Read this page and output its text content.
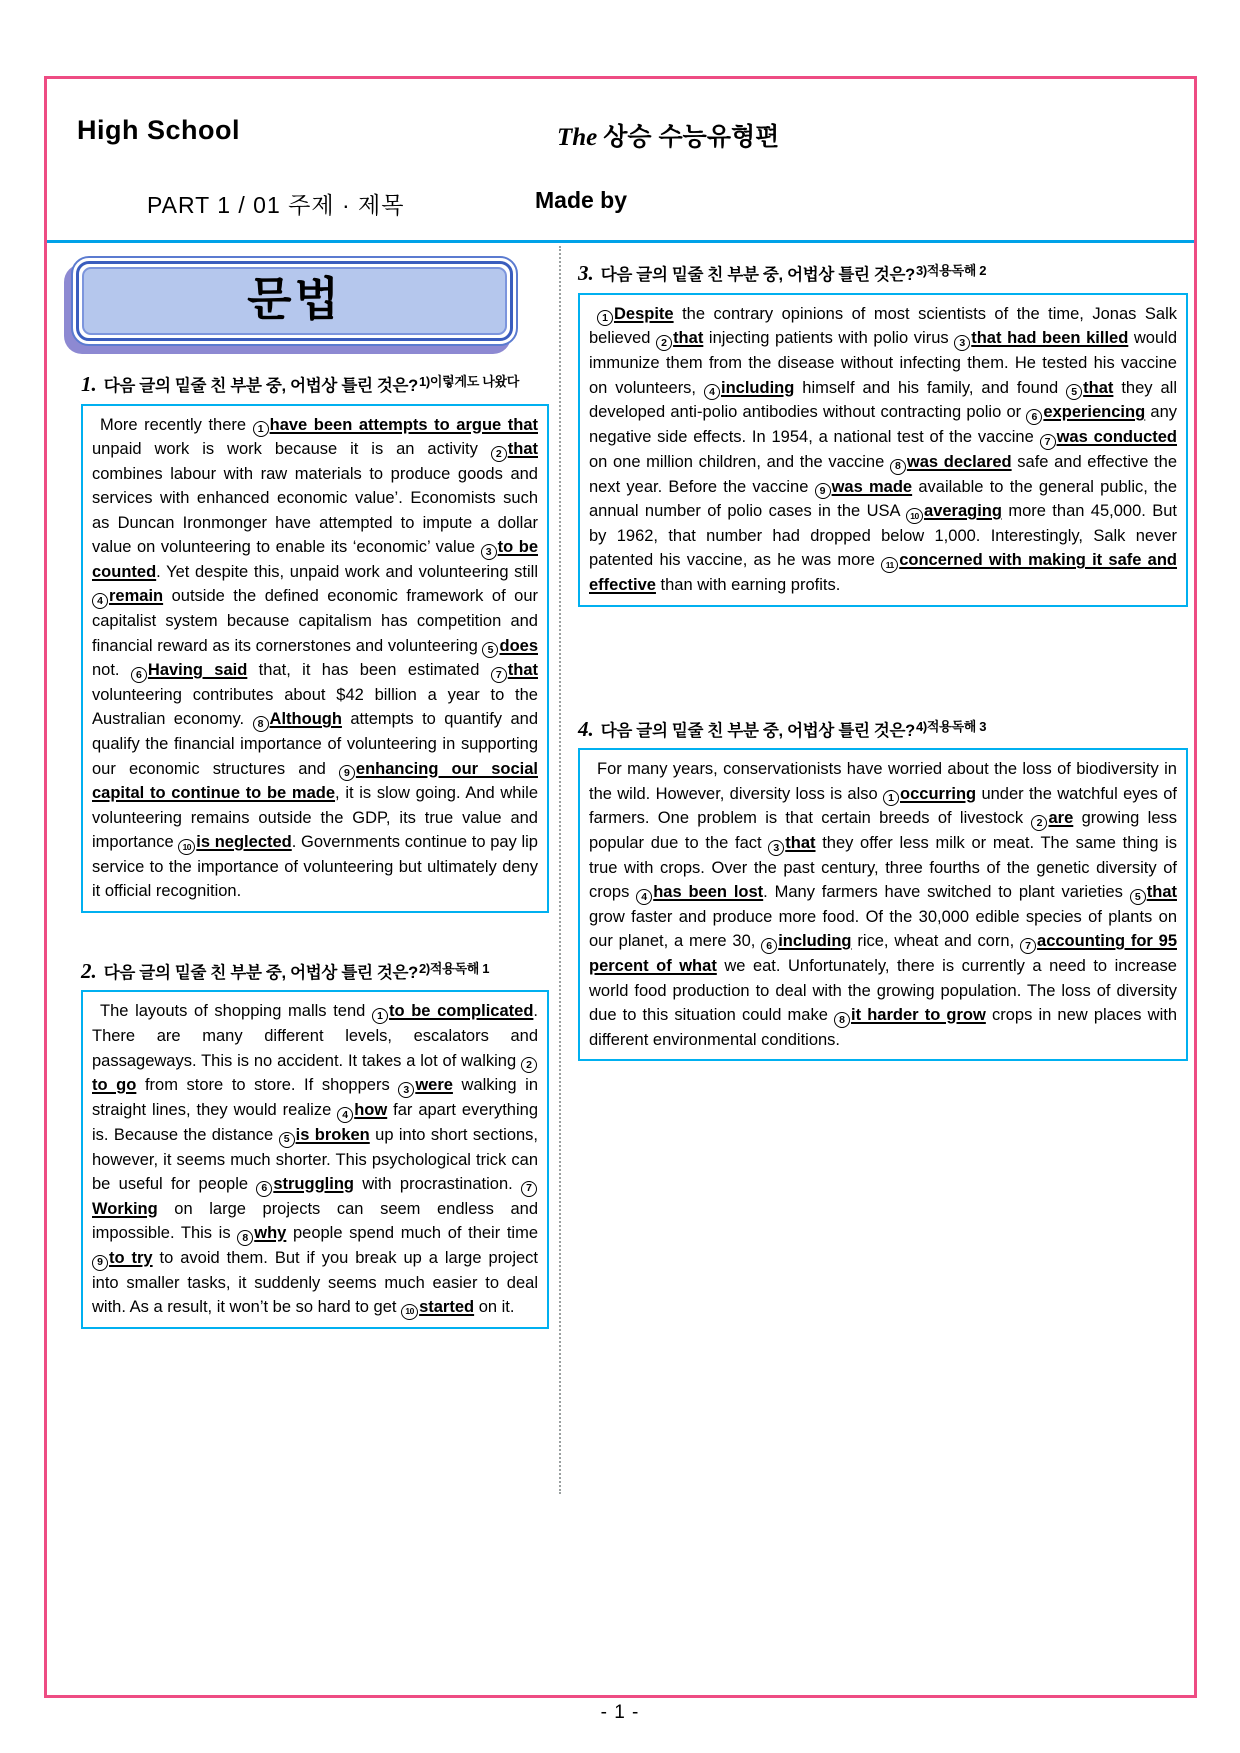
High School	The 상승 수능유형편
PART 1 / 01 주제 · 제목	Made by
문법
1. 다음 글의 밑줄 친 부분 중, 어법상 틀린 것은?1)이렇게도 나왔다
More recently there 1 have been attempts to argue that unpaid work is work because it is an activity 2 that combines labour with raw materials to produce goods and services with enhanced economic value’. Economists such as Duncan Ironmonger have attempted to impute a dollar value on volunteering to enable its ‘economic’ value 3 to be counted. Yet despite this, unpaid work and volunteering still 4 remain outside the defined economic framework of our capitalist system because capitalism has competition and financial reward as its cornerstones and volunteering 5 does not. 6 Having said that, it has been estimated 7 that volunteering contributes about $42 billion a year to the Australian economy. 8 Although attempts to quantify and qualify the financial importance of volunteering in supporting our economic structures and 9 enhancing our social capital to continue to be made, it is slow going. And while volunteering remains outside the GDP, its true value and importance 10 is neglected. Governments continue to pay lip service to the importance of volunteering but ultimately deny it official recognition.
2. 다음 글의 밑줄 친 부분 중, 어법상 틀린 것은?2)적용독해 1
The layouts of shopping malls tend 1 to be complicated. There are many different levels, escalators and passageways. This is no accident. It takes a lot of walking 2to go from store to store. If shoppers 3 were walking in straight lines, they would realize 4 how far apart everything is. Because the distance 5 is broken up into short sections, however, it seems much shorter. This psychological trick can be useful for people 6 struggling with procrastination. 7Working on large projects can seem endless and impossible. This is 8 why people spend much of their time 9 to try to avoid them. But if you break up a large project into smaller tasks, it suddenly seems much easier to deal with. As a result, it won’t be so hard to get 10 started on it.
3. 다음 글의 밑줄 친 부분 중, 어법상 틀린 것은?3)적용독해 2
1 Despite the contrary opinions of most scientists of the time, Jonas Salk believed 2 that injecting patients with polio virus 3 that had been killed would immunize them from the disease without infecting them. He tested his vaccine on volunteers, 4 including himself and his family, and found 5 that they all developed anti-polio antibodies without contracting polio or 6 experiencing any negative side effects. In 1954, a national test of the vaccine 7 was conducted on one million children, and the vaccine 8 was declared safe and effective the next year. Before the vaccine 9 was made available to the general public, the annual number of polio cases in the USA 10 averaging more than 45,000. But by 1962, that number had dropped below 1,000. Interestingly, Salk never patented his vaccine, as he was more 11 concerned with making it safe and effective than with earning profits.
4. 다음 글의 밑줄 친 부분 중, 어법상 틀린 것은?4)적용독해 3
For many years, conservationists have worried about the loss of biodiversity in the wild. However, diversity loss is also 1 occurring under the watchful eyes of farmers. One problem is that certain breeds of livestock 2 are growing less popular due to the fact 3 that they offer less milk or meat. The same thing is true with crops. Over the past century, three fourths of the genetic diversity of crops 4 has been lost. Many farmers have switched to plant varieties 5 that grow faster and produce more food. Of the 30,000 edible species of plants on our planet, a mere 30, 6 including rice, wheat and corn, 7 accounting for 95 percent of what we eat. Unfortunately, there is currently a need to increase world food production to deal with the growing population. The loss of diversity due to this situation could make 8 it harder to grow crops in new places with different environmental conditions.
- 1 -
